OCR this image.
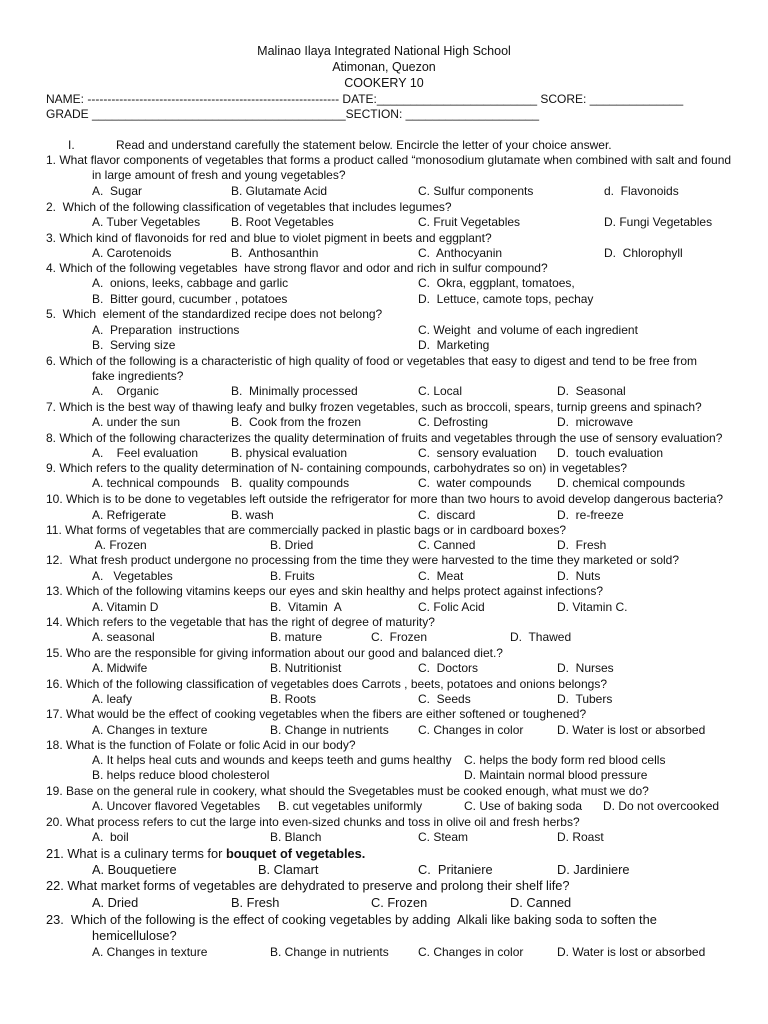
Malinao Ilaya Integrated National High School
Atimonan, Quezon
COOKERY 10
NAME: --------------------------------------------------------------- DATE:________________________ SCORE: ______________
GRADE ______________________________________SECTION: ____________________
I.	Read and understand carefully the statement below. Encircle the letter of your choice answer.
1. What flavor components of vegetables that forms a product called “monosodium glutamate when combined with salt and found
in large amount of fresh and young vegetables?
A.  Sugar	B. Glutamate Acid	C. Sulfur components	d.  Flavonoids
2.  Which of the following classification of vegetables that includes legumes?
A. Tuber Vegetables	B. Root Vegetables	C. Fruit Vegetables	D. Fungi Vegetables
3. Which kind of flavonoids for red and blue to violet pigment in beets and eggplant?
A. Carotenoids	B.  Anthosanthin	C.  Anthocyanin	D.  Chlorophyll
4. Which of the following vegetables  have strong flavor and odor and rich in sulfur compound?
A.  onions, leeks, cabbage and garlic	C.  Okra, eggplant, tomatoes,
B.  Bitter gourd, cucumber , potatoes	D.  Lettuce, camote tops, pechay
5.  Which  element of the standardized recipe does not belong?
A.  Preparation  instructions	C. Weight  and volume of each ingredient
B.  Serving size	D.  Marketing
6. Which of the following is a characteristic of high quality of food or vegetables that easy to digest and tend to be free from
fake ingredients?
A.    Organic	B.  Minimally processed	C. Local	D.  Seasonal
7. Which is the best way of thawing leafy and bulky frozen vegetables, such as broccoli, spears, turnip greens and spinach?
A. under the sun	B.  Cook from the frozen	C. Defrosting	D.  microwave
8. Which of the following characterizes the quality determination of fruits and vegetables through the use of sensory evaluation?
A.    Feel evaluation	B. physical evaluation	C.  sensory evaluation D.  touch evaluation
9. Which refers to the quality determination of N- containing compounds, carbohydrates so on) in vegetables?
A. technical compounds B.  quality compounds	C.  water compounds D. chemical compounds
10. Which is to be done to vegetables left outside the refrigerator for more than two hours to avoid develop dangerous bacteria?
A. Refrigerate	B. wash	C.  discard	D.  re-freeze
11. What forms of vegetables that are commercially packed in plastic bags or in cardboard boxes?
A. Frozen	B. Dried	C. Canned	D.  Fresh
12.  What fresh product undergone no processing from the time they were harvested to the time they marketed or sold?
A.   Vegetables	B. Fruits	C.  Meat	D.  Nuts
13. Which of the following vitamins keeps our eyes and skin healthy and helps protect against infections?
A. Vitamin D	B.  Vitamin  A	C. Folic Acid	D. Vitamin C.
14. Which refers to the vegetable that has the right of degree of maturity?
A. seasonal	B. mature	C.  Frozen	D.  Thawed
15. Who are the responsible for giving information about our good and balanced diet.?
A. Midwife	B. Nutritionist	C.  Doctors	D.  Nurses
16. Which of the following classification of vegetables does Carrots , beets, potatoes and onions belongs?
A. leafy	B. Roots	C.  Seeds	D.  Tubers
17. What would be the effect of cooking vegetables when the fibers are either softened or toughened?
A. Changes in texture	B. Change in nutrients C. Changes in color	D. Water is lost or absorbed
18. What is the function of Folate or folic Acid in our body?
A. It helps heal cuts and wounds and keeps teeth and gums healthy C. helps the body form red blood cells
B. helps reduce blood cholesterol	D. Maintain normal blood pressure
19. Base on the general rule in cookery, what should the Svegetables must be cooked enough, what must we do?
A. Uncover flavored Vegetables B. cut vegetables uniformly	C. Use of baking soda D. Do not overcooked
20. What process refers to cut the large into even-sized chunks and toss in olive oil and fresh herbs?
A.  boil	B. Blanch	C. Steam	D. Roast
21. What is a culinary terms for bouquet of vegetables.
A. Bouquetiere	B. Clamart	C.  Pritaniere	D. Jardiniere
22. What market forms of vegetables are dehydrated to preserve and prolong their shelf life?
A. Dried	B. Fresh	C. Frozen	D. Canned
23.  Which of the following is the effect of cooking vegetables by adding  Alkali like baking soda to soften the
hemicellulose?
A. Changes in texture	B. Change in nutrients C. Changes in color	D. Water is lost or absorbed
